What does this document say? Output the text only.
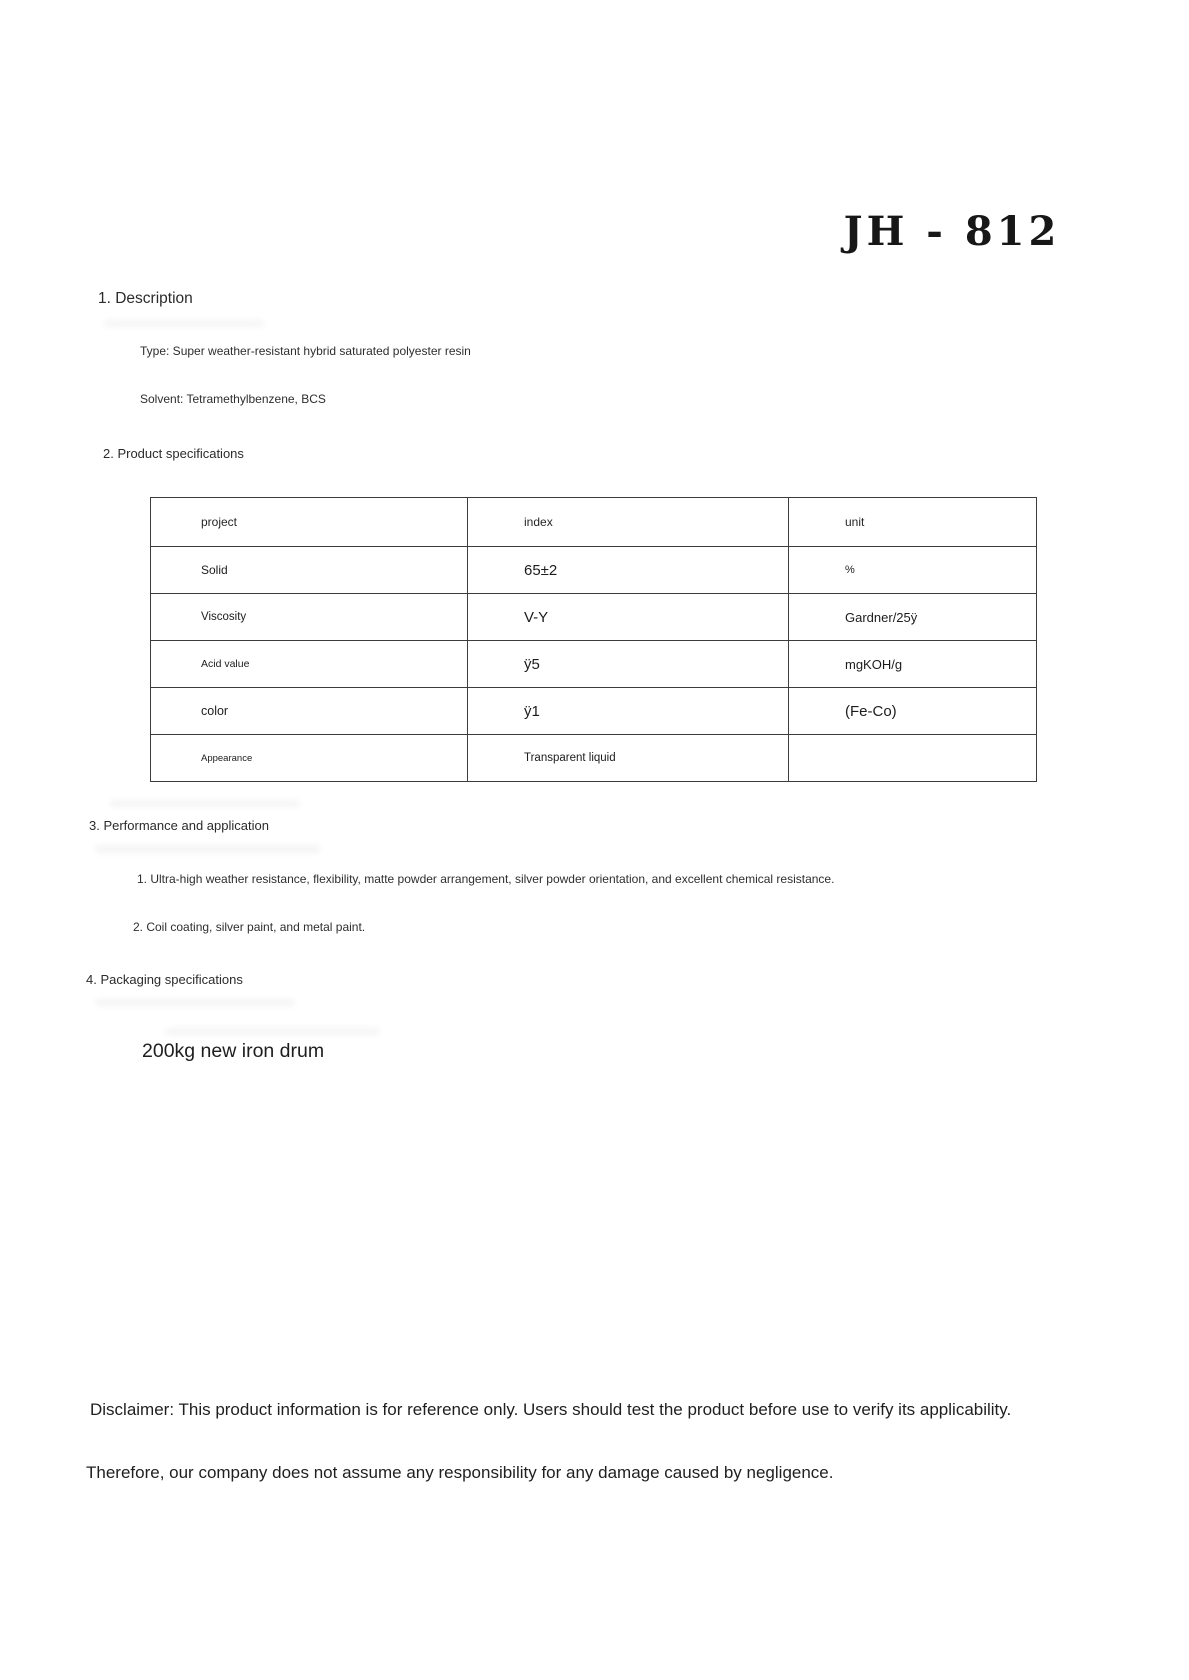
JH - 812
1. Description
Type: Super weather-resistant hybrid saturated polyester resin
Solvent: Tetramethylbenzene, BCS
2. Product specifications
project	index	unit
Solid	65±2	%
Viscosity	V-Y	Gardner/25ÿ
Acid value	ÿ5	mgKOH/g
color	ÿ1	(Fe-Co)
Appearance	Transparent liquid	
3. Performance and application
1. Ultra-high weather resistance, flexibility, matte powder arrangement, silver powder orientation, and excellent chemical resistance.
2. Coil coating, silver paint, and metal paint.
4. Packaging specifications
200kg new iron drum
Disclaimer: This product information is for reference only. Users should test the product before use to verify its applicability.
Therefore, our company does not assume any responsibility for any damage caused by negligence.
